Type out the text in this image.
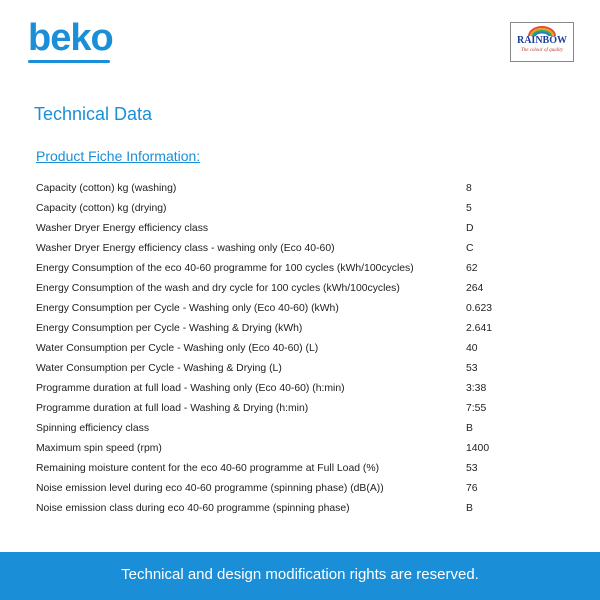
beko	RAINBOW
The colour of quality
Technical Data
Product Fiche Information:
Capacity (cotton) kg (washing)	8
Capacity (cotton) kg (drying)	5
Washer Dryer Energy efficiency class	D
Washer Dryer Energy efficiency class - washing only (Eco 40-60)	C
Energy Consumption of the eco 40-60 programme for 100 cycles (kWh/100cycles)	62
Energy Consumption of the wash and dry cycle for 100 cycles (kWh/100cycles)	264
Energy Consumption per Cycle - Washing only (Eco 40-60) (kWh)	0.623
Energy Consumption per Cycle - Washing & Drying (kWh)	2.641
Water Consumption per Cycle - Washing only (Eco 40-60) (L)	40
Water Consumption per Cycle - Washing & Drying (L)	53
Programme duration at full load - Washing only (Eco 40-60) (h:min)	3:38
Programme duration at full load - Washing & Drying (h:min)	7:55
Spinning efficiency class	B
Maximum spin speed (rpm)	1400
Remaining moisture content for the eco 40-60 programme at Full Load (%)	53
Noise emission level during eco 40-60 programme (spinning phase) (dB(A))	76
Noise emission class during eco 40-60 programme (spinning phase)	B
Technical and design modification rights are reserved.
